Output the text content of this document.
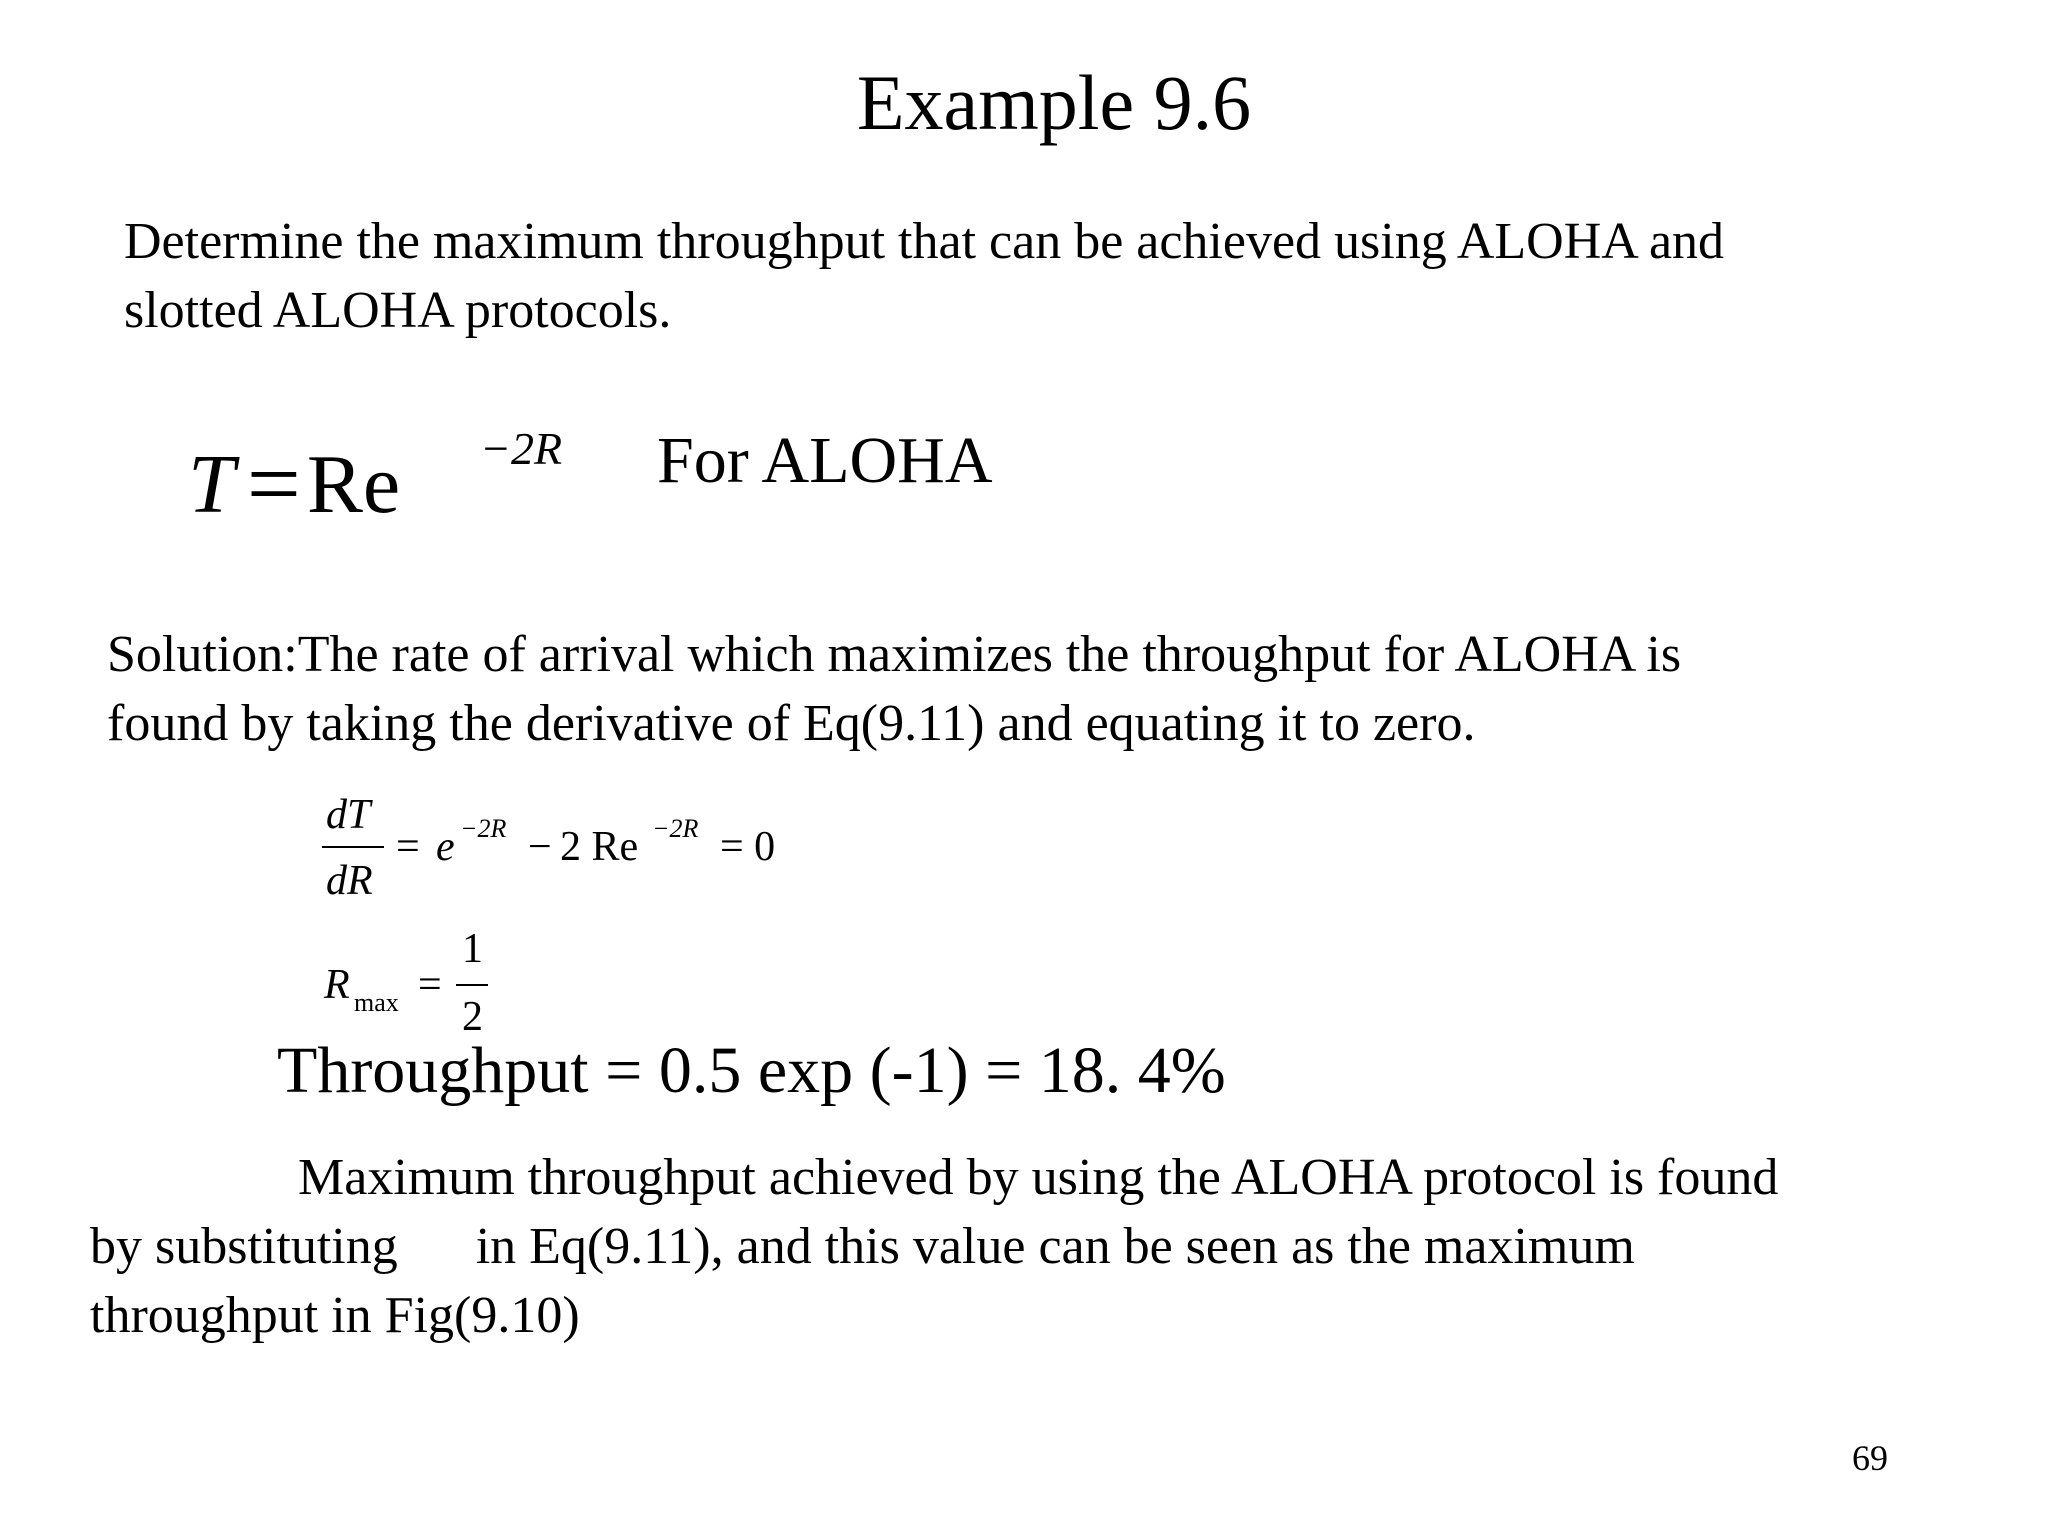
Example 9.6
Determine the maximum throughput that can be achieved using ALOHA and
slotted ALOHA protocols.
T =Re −2R For ALOHA
Solution:The rate of arrival which maximizes the throughput for ALOHA is
found by taking the derivative of Eq(9.11) and equating it to zero.
dT
dR
= e −2R − 2 Re −2R = 0
R max =
1
2
Throughput = 0.5 exp (-1) = 18. 4%
Maximum throughput achieved by using the ALOHA protocol is found
by substituting      in Eq(9.11), and this value can be seen as the maximum
throughput in Fig(9.10)
69
